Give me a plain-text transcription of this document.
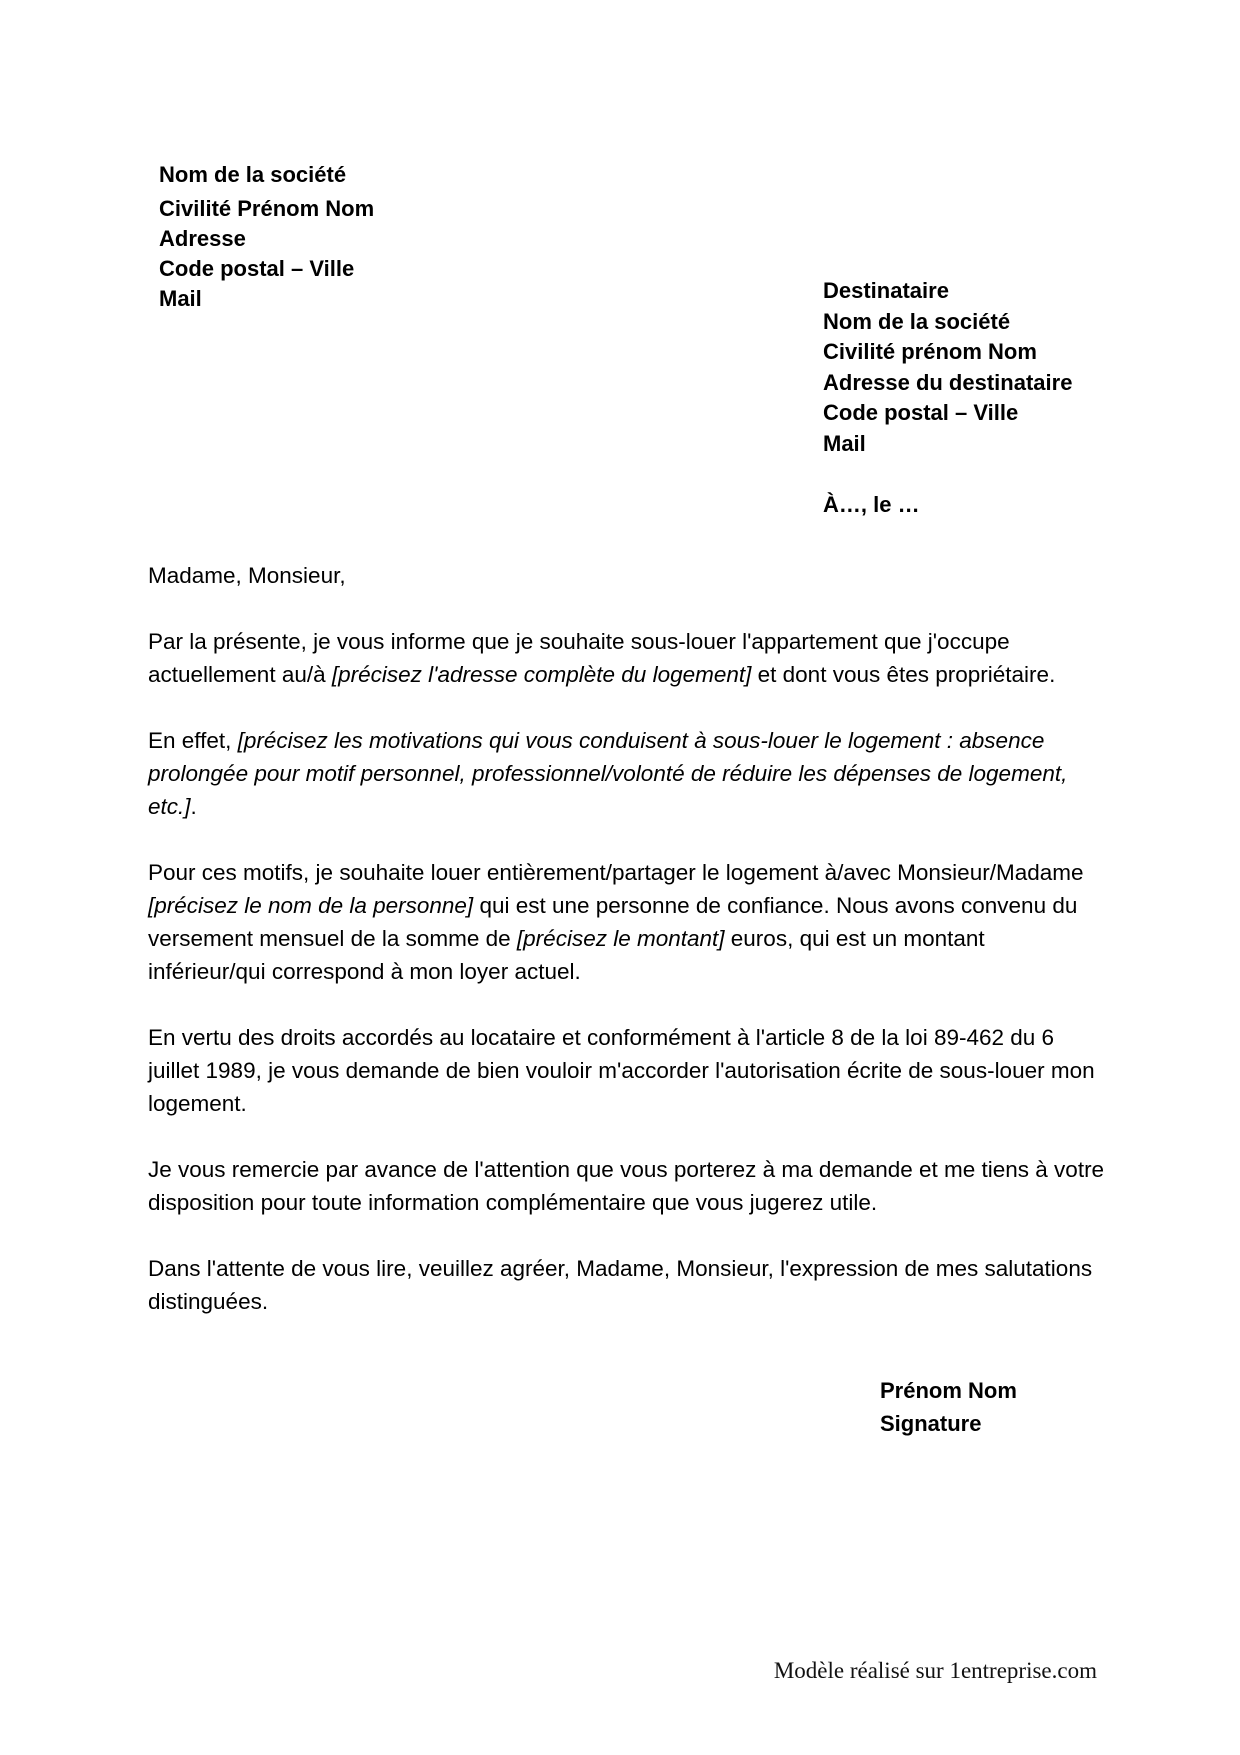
Nom de la société
Civilité Prénom Nom
Adresse
Code postal – Ville
Mail	Destinataire
Nom de la société
Civilité prénom Nom
Adresse du destinataire
Code postal – Ville
Mail
À…, le …

Madame, Monsieur,

Par la présente, je vous informe que je souhaite sous-louer l'appartement que j'occupe actuellement au/à [précisez l'adresse complète du logement] et dont vous êtes propriétaire.

En effet, [précisez les motivations qui vous conduisent à sous-louer le logement : absence prolongée pour motif personnel, professionnel/volonté de réduire les dépenses de logement, etc.].

Pour ces motifs, je souhaite louer entièrement/partager le logement à/avec Monsieur/Madame [précisez le nom de la personne] qui est une personne de confiance. Nous avons convenu du versement mensuel de la somme de [précisez le montant] euros, qui est un montant inférieur/qui correspond à mon loyer actuel.

En vertu des droits accordés au locataire et conformément à l'article 8 de la loi 89-462 du 6 juillet 1989, je vous demande de bien vouloir m'accorder l'autorisation écrite de sous-louer mon logement.

Je vous remercie par avance de l'attention que vous porterez à ma demande et me tiens à votre disposition pour toute information complémentaire que vous jugerez utile.

Dans l'attente de vous lire, veuillez agréer, Madame, Monsieur, l'expression de mes salutations distinguées.

Prénom Nom
Signature
Modèle réalisé sur 1entreprise.com
